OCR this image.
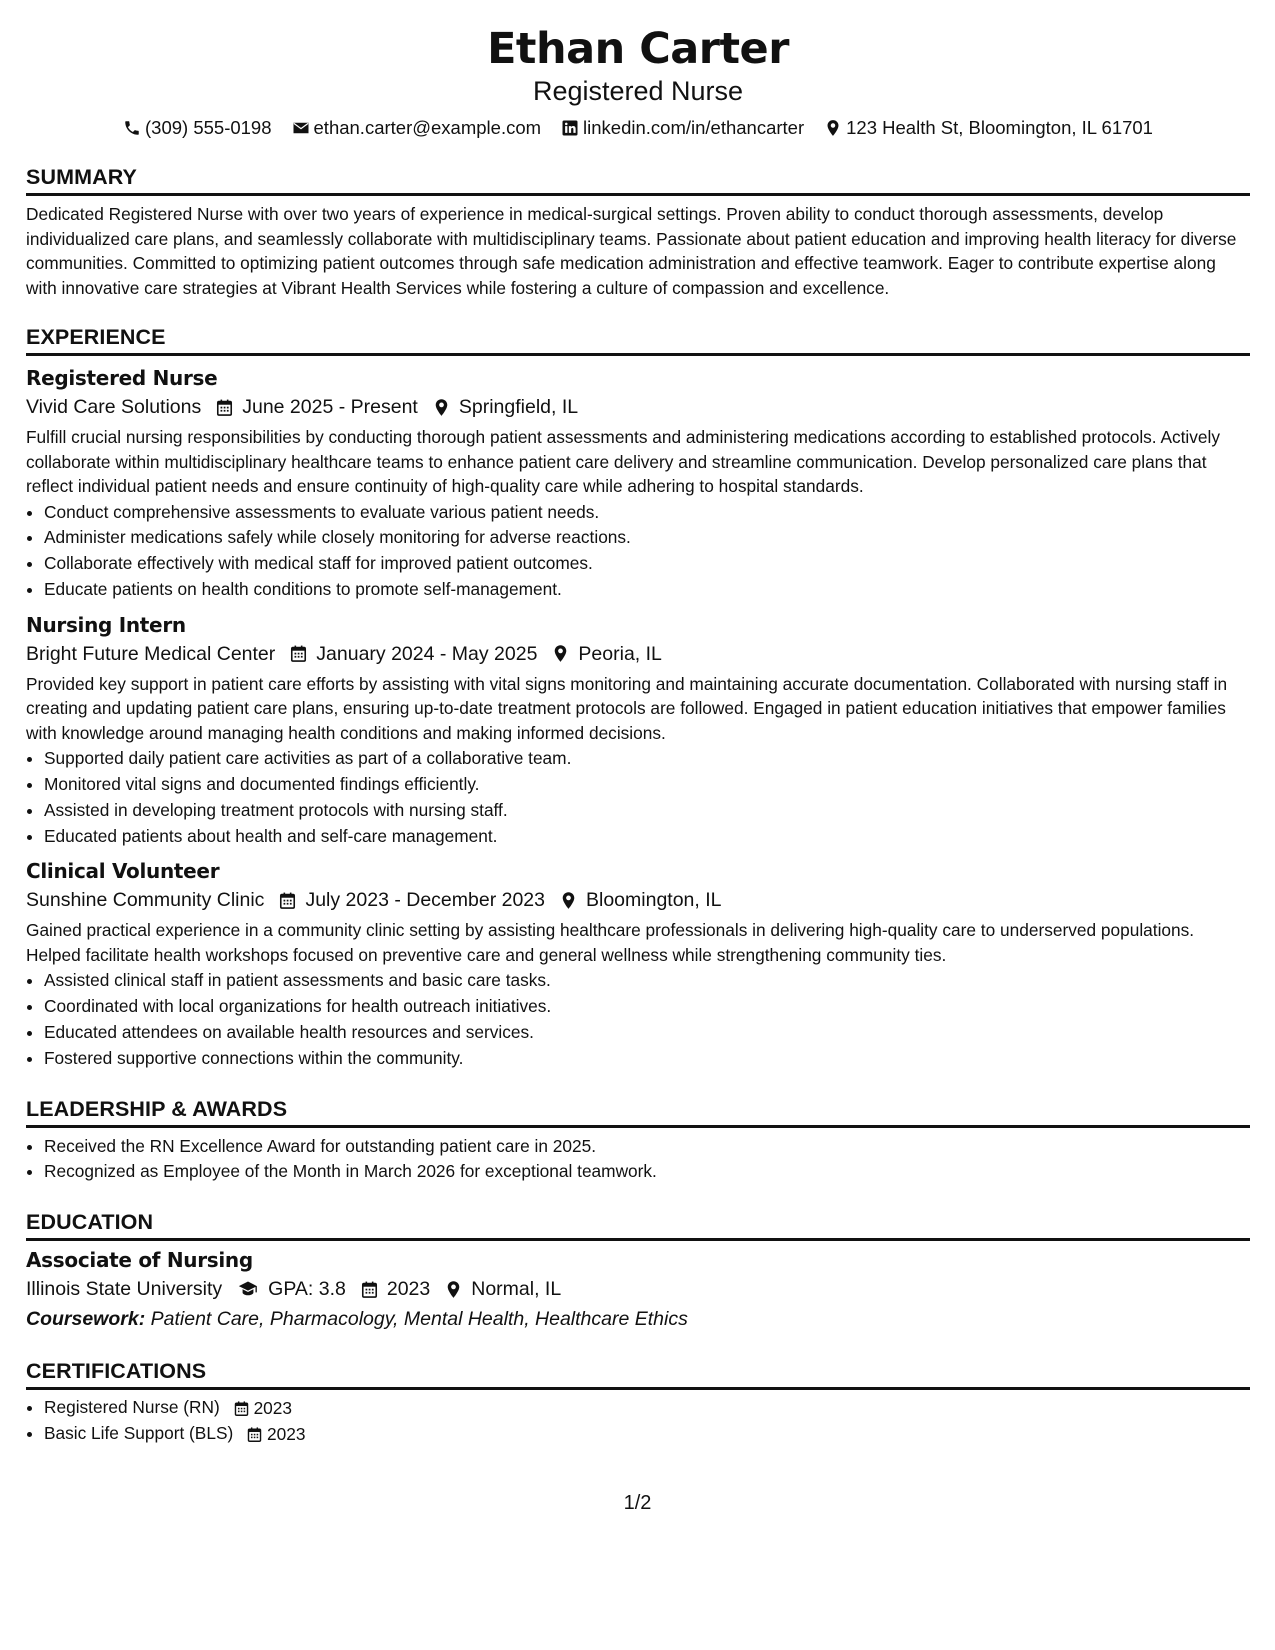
Ethan Carter
Registered Nurse
(309) 555-0198 ethan.carter@example.com linkedin.com/in/ethancarter 123 Health St, Bloomington, IL 61701
SUMMARY

Dedicated Registered Nurse with over two years of experience in medical-surgical settings. Proven ability to conduct thorough assessments, develop individualized care plans, and seamlessly collaborate with multidisciplinary teams. Passionate about patient education and improving health literacy for diverse communities. Committed to optimizing patient outcomes through safe medication administration and effective teamwork. Eager to contribute expertise along with innovative care strategies at Vibrant Health Services while fostering a culture of compassion and excellence.

EXPERIENCE
Registered Nurse
Vivid Care Solutions June 2025 - Present Springfield, IL

Fulfill crucial nursing responsibilities by conducting thorough patient assessments and administering medications according to established protocols. Actively collaborate within multidisciplinary healthcare teams to enhance patient care delivery and streamline communication. Develop personalized care plans that reflect individual patient needs and ensure continuity of high-quality care while adhering to hospital standards.

• Conduct comprehensive assessments to evaluate various patient needs.
• Administer medications safely while closely monitoring for adverse reactions.
• Collaborate effectively with medical staff for improved patient outcomes.
• Educate patients on health conditions to promote self-management.
Nursing Intern
Bright Future Medical Center January 2024 - May 2025 Peoria, IL

Provided key support in patient care efforts by assisting with vital signs monitoring and maintaining accurate documentation. Collaborated with nursing staff in creating and updating patient care plans, ensuring up-to-date treatment protocols are followed. Engaged in patient education initiatives that empower families with knowledge around managing health conditions and making informed decisions.

• Supported daily patient care activities as part of a collaborative team.
• Monitored vital signs and documented findings efficiently.
• Assisted in developing treatment protocols with nursing staff.
• Educated patients about health and self-care management.
Clinical Volunteer
Sunshine Community Clinic July 2023 - December 2023 Bloomington, IL

Gained practical experience in a community clinic setting by assisting healthcare professionals in delivering high-quality care to underserved populations. Helped facilitate health workshops focused on preventive care and general wellness while strengthening community ties.

• Assisted clinical staff in patient assessments and basic care tasks.
• Coordinated with local organizations for health outreach initiatives.
• Educated attendees on available health resources and services.
• Fostered supportive connections within the community.
LEADERSHIP & AWARDS
• Received the RN Excellence Award for outstanding patient care in 2025.
• Recognized as Employee of the Month in March 2026 for exceptional teamwork.
EDUCATION
Associate of Nursing
Illinois State University GPA: 3.8 2023 Normal, IL
Coursework: Patient Care, Pharmacology, Mental Health, Healthcare Ethics
CERTIFICATIONS
• Registered Nurse (RN) 2023
• Basic Life Support (BLS) 2023
1/2
